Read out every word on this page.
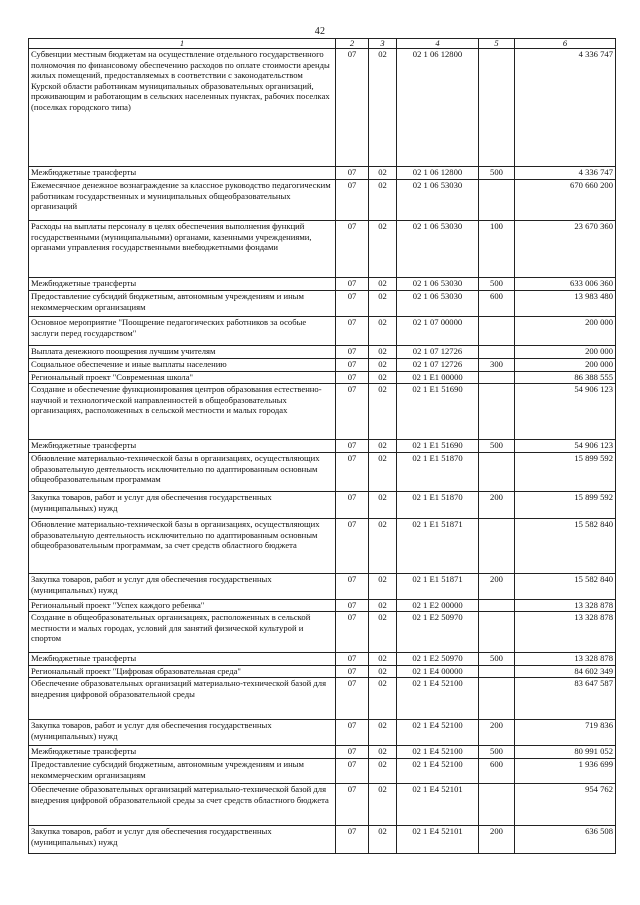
42
1	2	3	4	5	6
Субвенции местным бюджетам на осуществление отдельного государственного полномочия по финансовому обеспечению расходов по оплате стоимости аренды жилых помещений, предоставляемых в соответствии с законодательством Курской области работникам муниципальных образовательных организаций, проживающим и работающим в сельских населенных пунктах, рабочих поселках (поселках городского типа)	07	02	02 1 06 12800		4 336 747
Межбюджетные трансферты	07	02	02 1 06 12800	500	4 336 747
Ежемесячное денежное вознаграждение за классное руководство педагогическим работникам государственных и муниципальных общеобразовательных организаций	07	02	02 1 06 53030		670 660 200
Расходы на выплаты персоналу в целях обеспечения выполнения функций государственными (муниципальными) органами, казенными учреждениями, органами управления государственными внебюджетными фондами	07	02	02 1 06 53030	100	23 670 360
Межбюджетные трансферты	07	02	02 1 06 53030	500	633 006 360
Предоставление субсидий бюджетным, автономным учреждениям и иным некоммерческим организациям	07	02	02 1 06 53030	600	13 983 480
Основное мероприятие "Поощрение педагогических работников за особые заслуги перед государством"	07	02	02 1 07 00000		200 000
Выплата денежного поощрения лучшим учителям	07	02	02 1 07 12726		200 000
Социальное обеспечение и иные выплаты населению	07	02	02 1 07 12726	300	200 000
Региональный проект "Современная школа"	07	02	02 1 E1 00000		86 388 555
Создание и обеспечение функционирования центров образования естественно-научной и технологической направленностей в общеобразовательных организациях, расположенных в сельской местности и малых городах	07	02	02 1 E1 51690		54 906 123
Межбюджетные трансферты	07	02	02 1 E1 51690	500	54 906 123
Обновление материально-технической базы в организациях, осуществляющих образовательную деятельность исключительно по адаптированным основным общеобразовательным программам	07	02	02 1 E1 51870		15 899 592
Закупка товаров, работ и услуг для обеспечения государственных (муниципальных) нужд	07	02	02 1 E1 51870	200	15 899 592
Обновление материально-технической базы в организациях, осуществляющих образовательную деятельность исключительно по адаптированным основным общеобразовательным программам, за счет средств областного бюджета	07	02	02 1 E1 51871		15 582 840
Закупка товаров, работ и услуг для обеспечения государственных (муниципальных) нужд	07	02	02 1 E1 51871	200	15 582 840
Региональный проект "Успех каждого ребенка"	07	02	02 1 E2 00000		13 328 878
Создание в общеобразовательных организациях, расположенных в сельской местности и малых городах, условий для занятий физической культурой и спортом	07	02	02 1 E2 50970		13 328 878
Межбюджетные трансферты	07	02	02 1 E2 50970	500	13 328 878
Региональный проект "Цифровая образовательная среда"	07	02	02 1 E4 00000		84 602 349
Обеспечение образовательных организаций материально-технической базой для внедрения цифровой образовательной среды	07	02	02 1 E4 52100		83 647 587
Закупка товаров, работ и услуг для обеспечения государственных (муниципальных) нужд	07	02	02 1 E4 52100	200	719 836
Межбюджетные трансферты	07	02	02 1 E4 52100	500	80 991 052
Предоставление субсидий бюджетным, автономным учреждениям и иным некоммерческим организациям	07	02	02 1 E4 52100	600	1 936 699
Обеспечение образовательных организаций материально-технической базой для внедрения цифровой образовательной среды за счет средств областного бюджета	07	02	02 1 E4 52101		954 762
Закупка товаров, работ и услуг для обеспечения государственных (муниципальных) нужд	07	02	02 1 E4 52101	200	636 508
